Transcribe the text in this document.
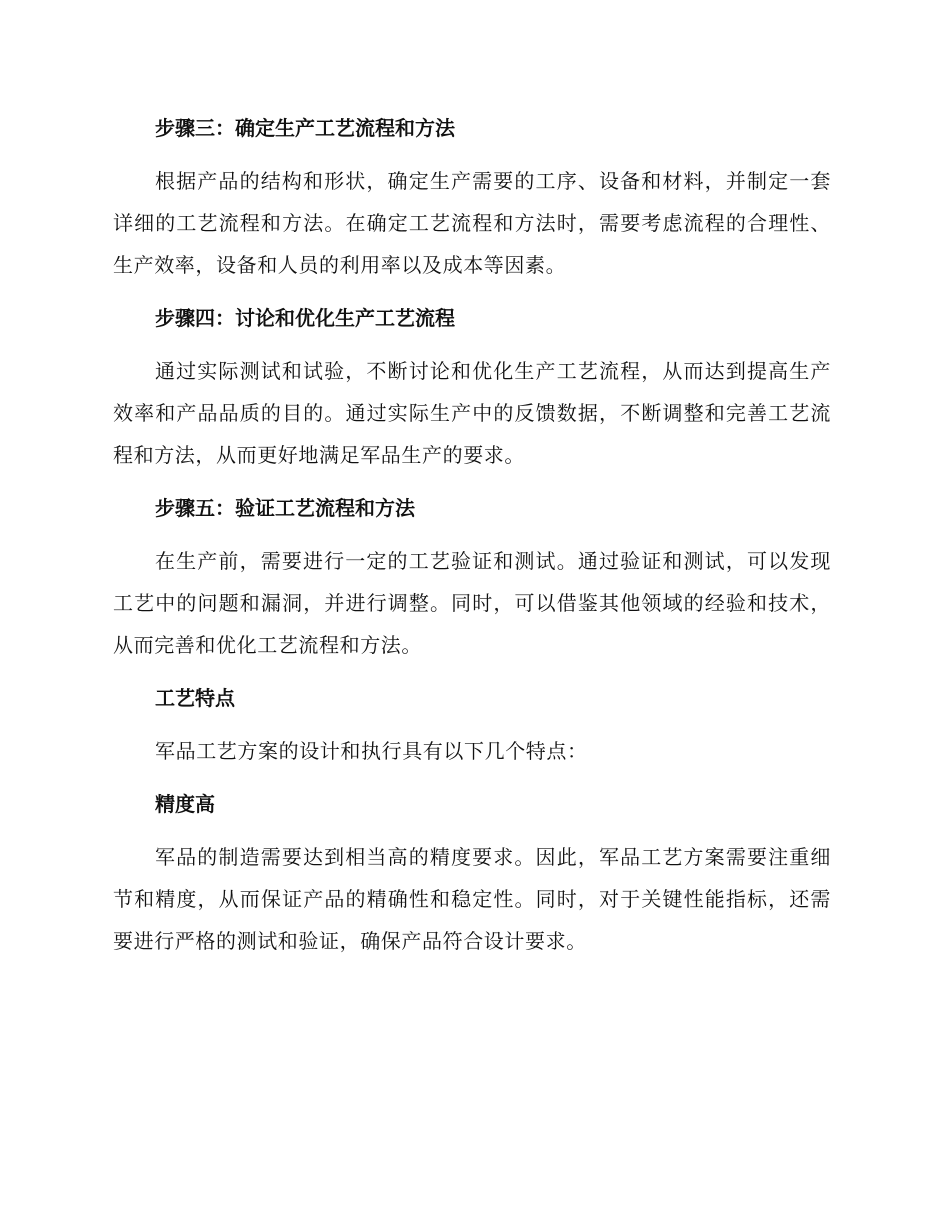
步骤三：确定生产工艺流程和方法

根据产品的结构和形状，确定生产需要的工序、设备和材料，并制定一套详细的工艺流程和方法。在确定工艺流程和方法时，需要考虑流程的合理性、生产效率，设备和人员的利用率以及成本等因素。

步骤四：讨论和优化生产工艺流程

通过实际测试和试验，不断讨论和优化生产工艺流程，从而达到提高生产效率和产品品质的目的。通过实际生产中的反馈数据，不断调整和完善工艺流程和方法，从而更好地满足军品生产的要求。

步骤五：验证工艺流程和方法

在生产前，需要进行一定的工艺验证和测试。通过验证和测试，可以发现工艺中的问题和漏洞，并进行调整。同时，可以借鉴其他领域的经验和技术，从而完善和优化工艺流程和方法。

工艺特点

军品工艺方案的设计和执行具有以下几个特点：

精度高

军品的制造需要达到相当高的精度要求。因此，军品工艺方案需要注重细节和精度，从而保证产品的精确性和稳定性。同时，对于关键性能指标，还需要进行严格的测试和验证，确保产品符合设计要求。
